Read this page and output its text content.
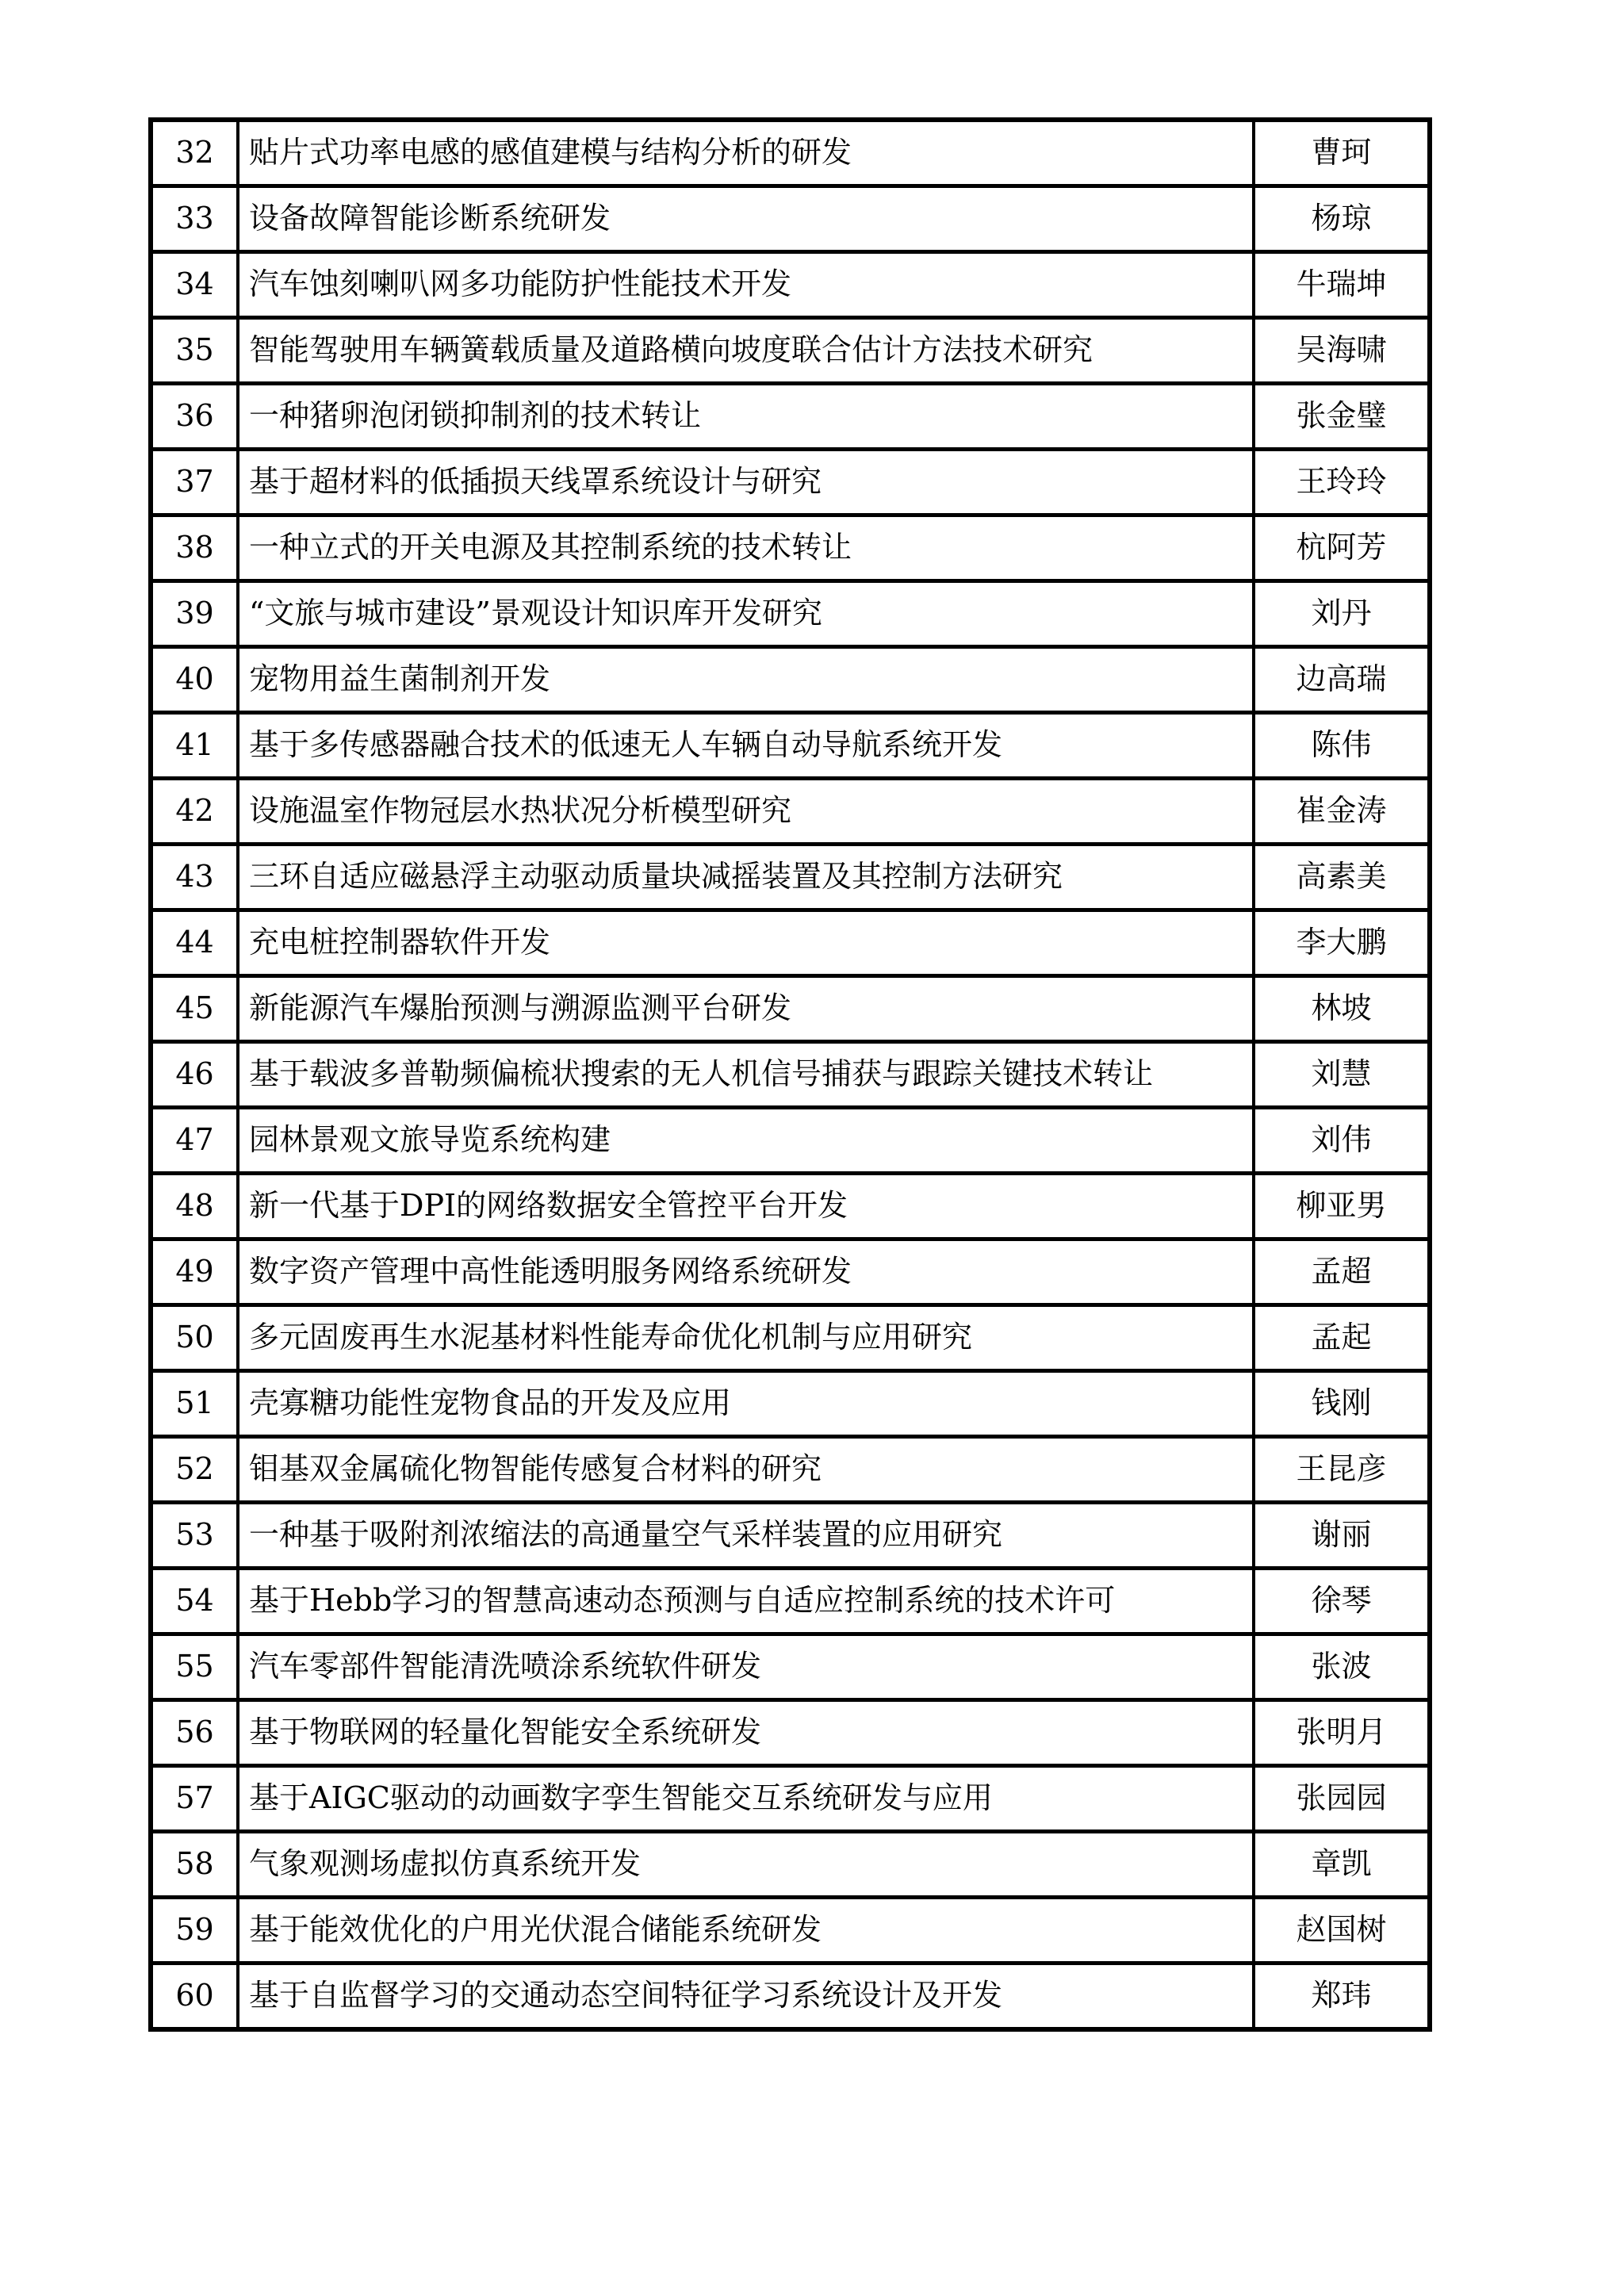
32	贴片式功率电感的感值建模与结构分析的研发	曹珂
33	设备故障智能诊断系统研发	杨琼
34	汽车蚀刻喇叭网多功能防护性能技术开发	牛瑞坤
35	智能驾驶用车辆簧载质量及道路横向坡度联合估计方法技术研究	吴海啸
36	一种猪卵泡闭锁抑制剂的技术转让	张金璧
37	基于超材料的低插损天线罩系统设计与研究	王玲玲
38	一种立式的开关电源及其控制系统的技术转让	杭阿芳
39	“文旅与城市建设”景观设计知识库开发研究	刘丹
40	宠物用益生菌制剂开发	边高瑞
41	基于多传感器融合技术的低速无人车辆自动导航系统开发	陈伟
42	设施温室作物冠层水热状况分析模型研究	崔金涛
43	三环自适应磁悬浮主动驱动质量块减摇装置及其控制方法研究	高素美
44	充电桩控制器软件开发	李大鹏
45	新能源汽车爆胎预测与溯源监测平台研发	林坡
46	基于载波多普勒频偏梳状搜索的无人机信号捕获与跟踪关键技术转让	刘慧
47	园林景观文旅导览系统构建	刘伟
48	新一代基于DPI的网络数据安全管控平台开发	柳亚男
49	数字资产管理中高性能透明服务网络系统研发	孟超
50	多元固废再生水泥基材料性能寿命优化机制与应用研究	孟起
51	壳寡糖功能性宠物食品的开发及应用	钱刚
52	钼基双金属硫化物智能传感复合材料的研究	王昆彦
53	一种基于吸附剂浓缩法的高通量空气采样装置的应用研究	谢丽
54	基于Hebb学习的智慧高速动态预测与自适应控制系统的技术许可	徐琴
55	汽车零部件智能清洗喷涂系统软件研发	张波
56	基于物联网的轻量化智能安全系统研发	张明月
57	基于AIGC驱动的动画数字孪生智能交互系统研发与应用	张园园
58	气象观测场虚拟仿真系统开发	章凯
59	基于能效优化的户用光伏混合储能系统研发	赵国树
60	基于自监督学习的交通动态空间特征学习系统设计及开发	郑玮
